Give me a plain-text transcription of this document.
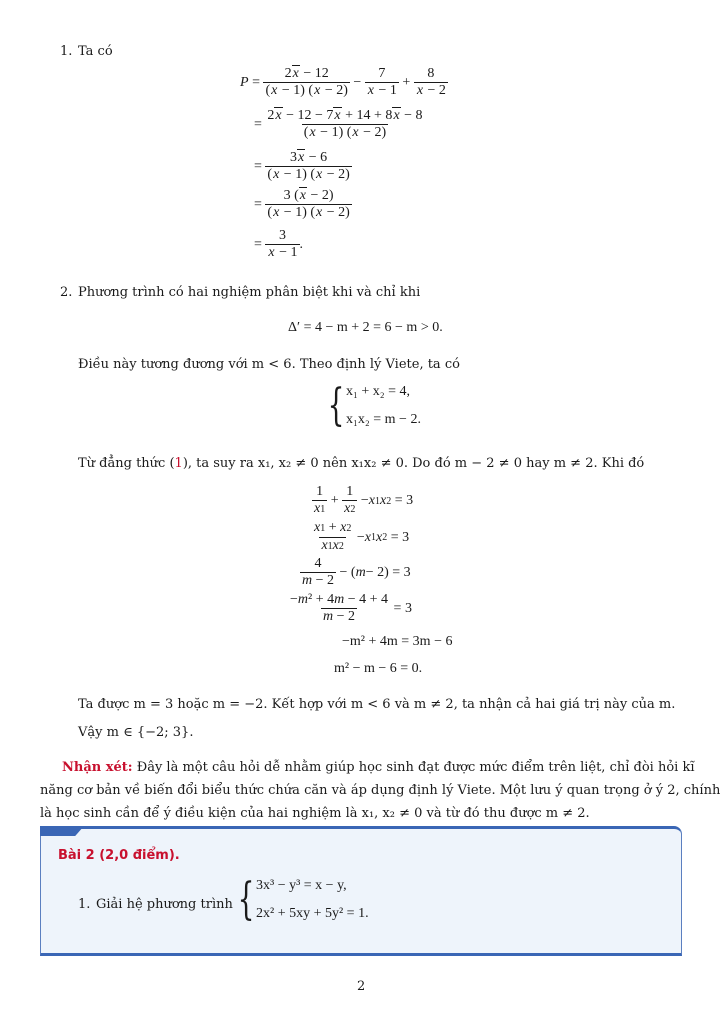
1. Ta có
$P = \frac{2x - 12}{(x - 1) (x - 2)} - \frac{7}{x - 1} + \frac{8}{x - 2}$
= $\frac{2x - 12 - 7x + 14 + 8x - 8}{(x - 1) (x - 2)}$
= $\frac{3x - 6}{(x - 1) (x - 2)}$
= $\frac{3 (x - 2)}{(x - 1) (x - 2)}$
= $\frac{3}{x - 1}$ .
2. Phương trình có hai nghiệm phân biệt khi và chỉ khi
Δ′ = 4 − m + 2 = 6 − m > 0.
Điều này tương đương với m < 6. Theo định lý Viete, ta có
{ x₁ + x₂ = 4,
x₁x₂ = m − 2.
Từ đẳng thức (1), ta suy ra x₁, x₂ ≠ 0 nên x₁x₂ ≠ 0. Do đó m − 2 ≠ 0 hay m ≠ 2. Khi đó
$\frac{1}{x1} + \frac{1}{x2} - x$ 1 x 2
= 3
$\frac{x1 + x2}{x1x2} - x$ 1 x 2
= 3
$\frac{4}{m - 2}$ − ( m − 2) = 3
$\frac{\text{−m² + 4m − 4 + 4}}{m - 2}$
= 3
−m² + 4m = 3m − 6
m² − m − 6 = 0.
Ta được m = 3 hoặc m = −2. Kết hợp với m < 6 và m ≠ 2, ta nhận cả hai giá trị này của m.
Vậy m ∈ {−2; 3}.
Nhận xét: Đây là một câu hỏi dễ nhằm giúp học sinh đạt được mức điểm trên liệt, chỉ đòi hỏi kĩ
năng cơ bản về biến đổi biểu thức chứa căn và áp dụng định lý Viete. Một lưu ý quan trọng ở ý 2, chính
là học sinh cần để ý điều kiện của hai nghiệm là x₁, x₂ ≠ 0 và từ đó thu được m ≠ 2.
Bài 2 (2,0 điểm).
1. Giải hệ phương trình { 3x³ − y³ = x − y,
2x² + 5xy + 5y² = 1.
2
